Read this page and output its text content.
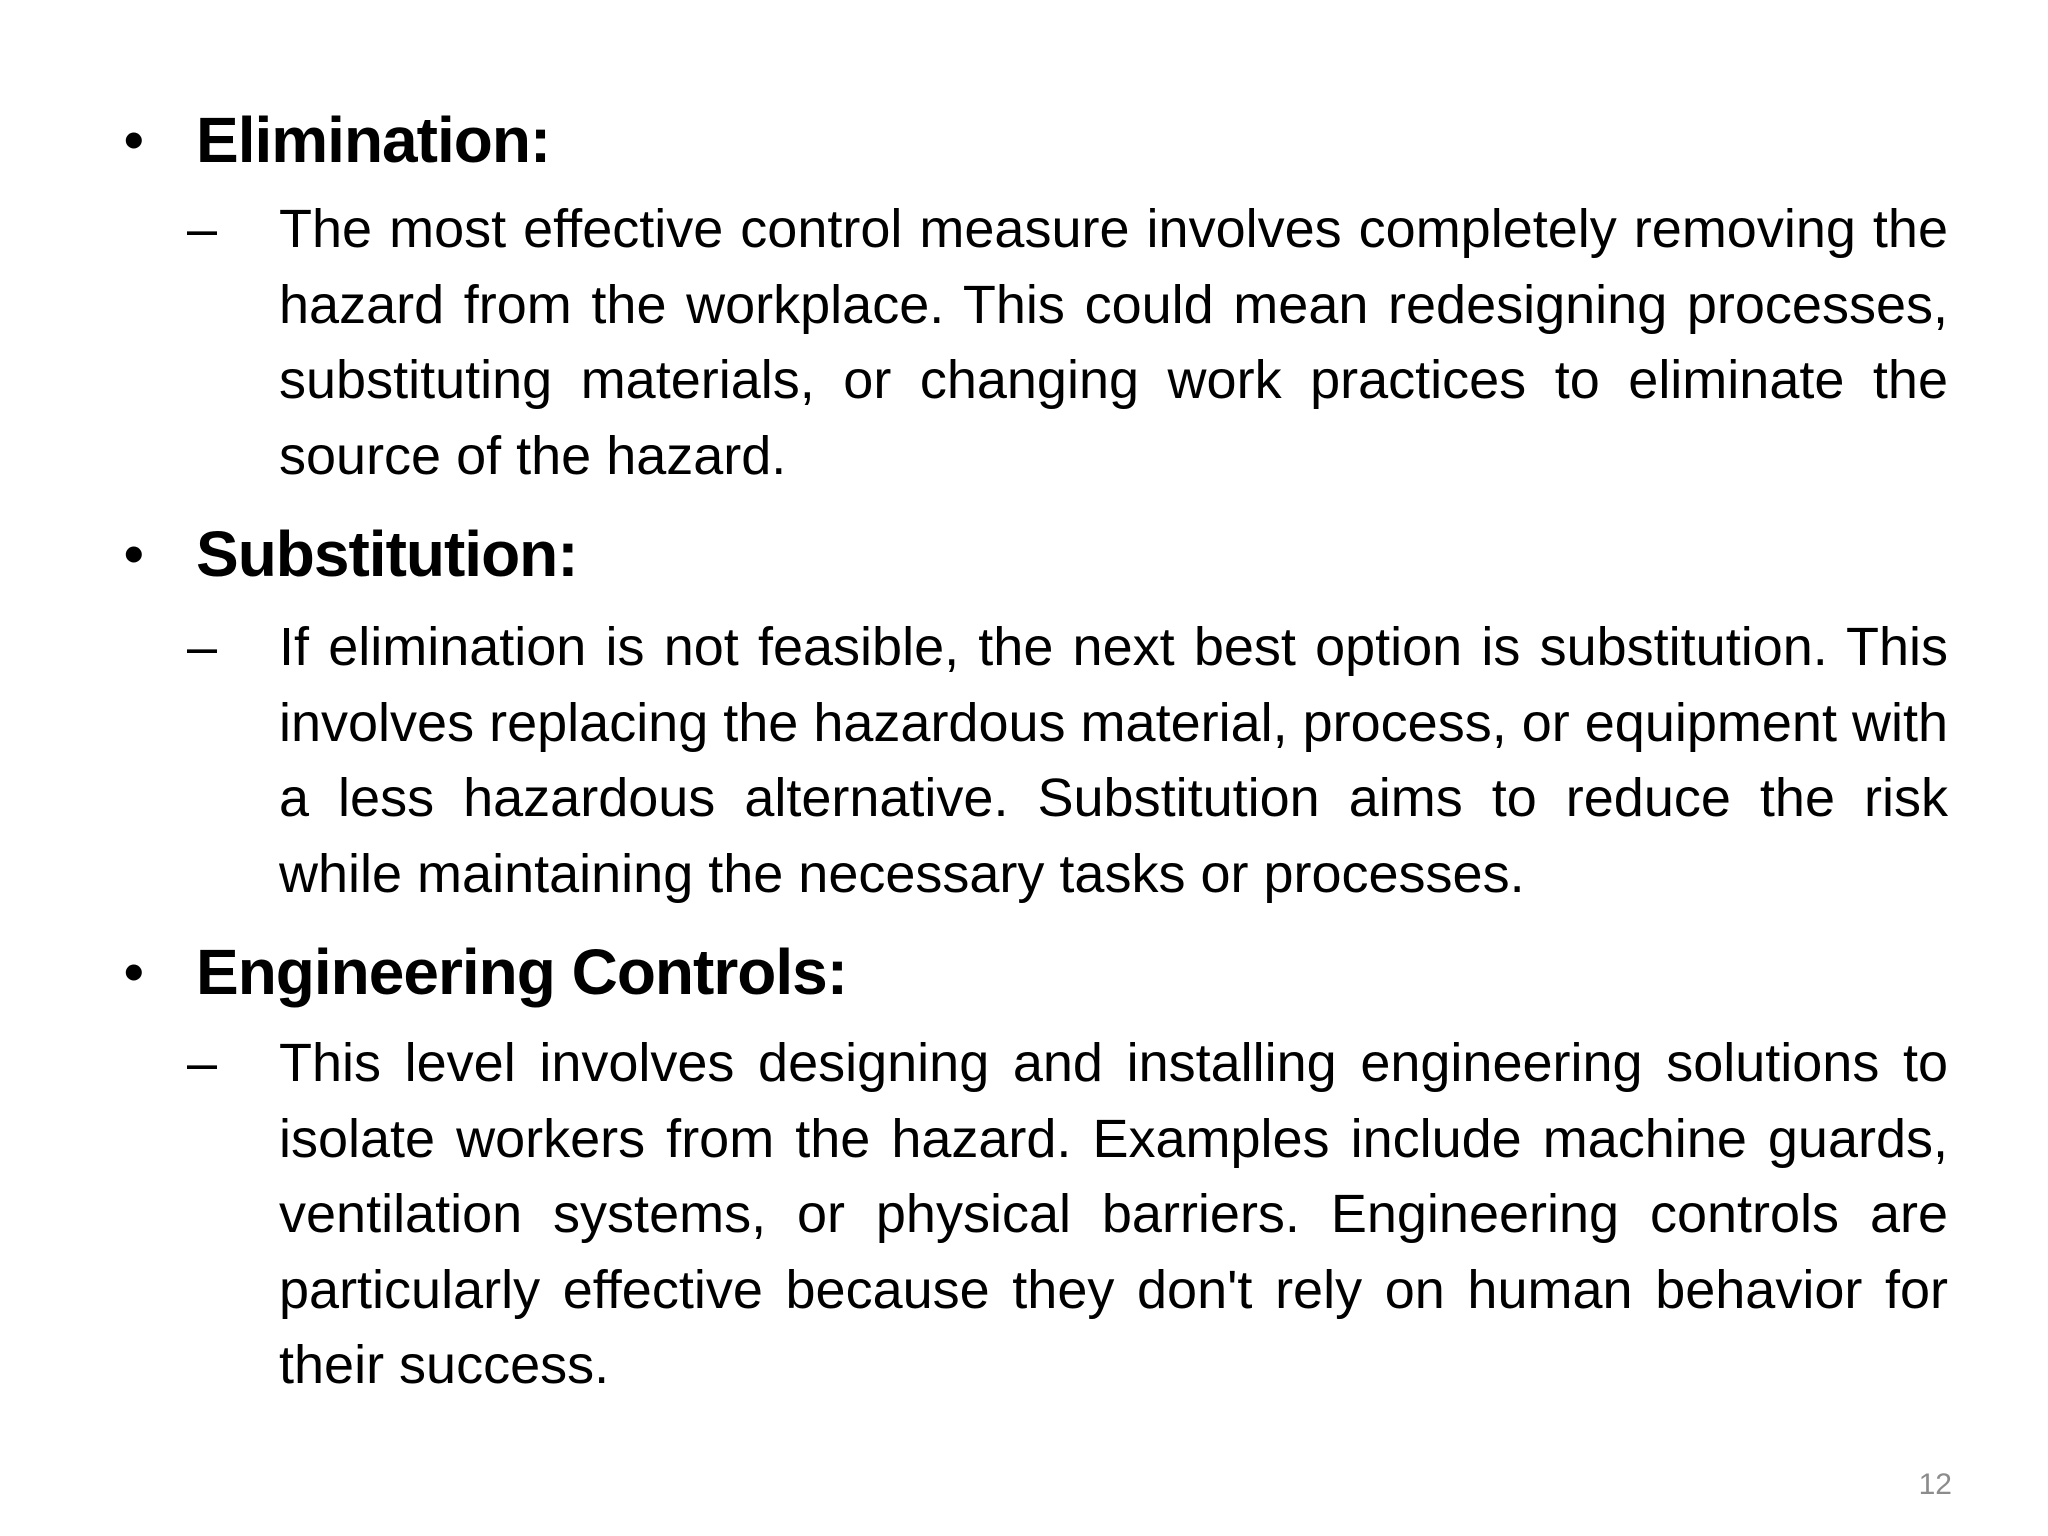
• Elimination:
– The most effective control measure involves completely removing the hazard from the workplace. This could mean redesigning processes, substituting materials, or changing work practices to eliminate the source of the hazard.
• Substitution:
– If elimination is not feasible, the next best option is substitution. This involves replacing the hazardous material, process, or equipment with a less hazardous alternative. Substitution aims to reduce the risk while maintaining the necessary tasks or processes.
• Engineering Controls:
– This level involves designing and installing engineering solutions to isolate workers from the hazard. Examples include machine guards, ventilation systems, or physical barriers. Engineering controls are particularly effective because they don't rely on human behavior for their success.
12
